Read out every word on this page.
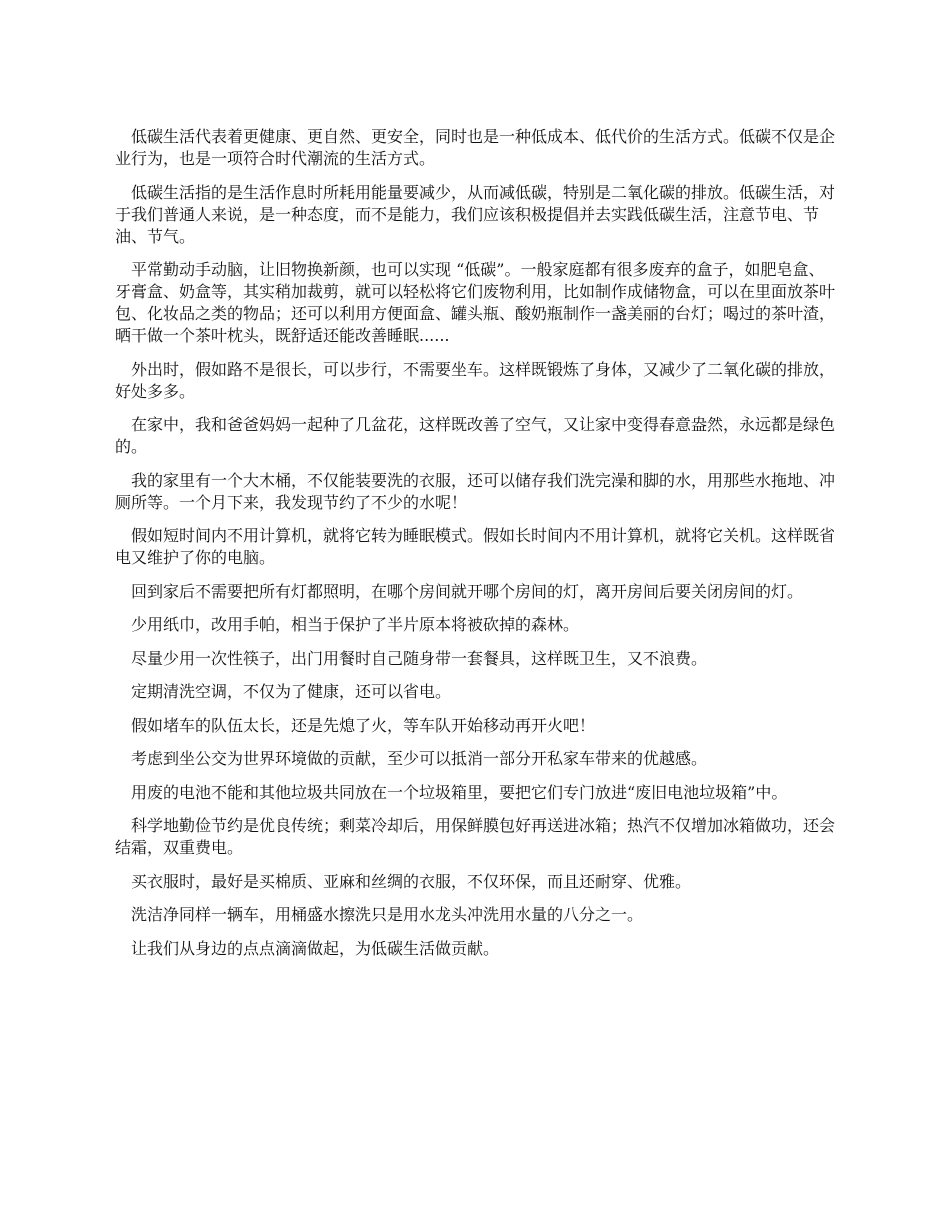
低碳生活代表着更健康、更自然、更安全，同时也是一种低成本、低代价的生活方式。低碳不仅是企业行为，也是一项符合时代潮流的生活方式。

低碳生活指的是生活作息时所耗用能量要减少，从而减低碳，特别是二氧化碳的排放。低碳生活，对于我们普通人来说，是一种态度，而不是能力，我们应该积极提倡并去实践低碳生活，注意节电、节油、节气。

平常勤动手动脑，让旧物换新颜，也可以实现 “低碳”。一般家庭都有很多废弃的盒子，如肥皂盒、牙膏盒、奶盒等，其实稍加裁剪，就可以轻松将它们废物利用，比如制作成储物盒，可以在里面放茶叶包、化妆品之类的物品；还可以利用方便面盒、罐头瓶、酸奶瓶制作一盏美丽的台灯；喝过的茶叶渣，晒干做一个茶叶枕头，既舒适还能改善睡眠......

外出时，假如路不是很长，可以步行，不需要坐车。这样既锻炼了身体，又减少了二氧化碳的排放，好处多多。

在家中，我和爸爸妈妈一起种了几盆花，这样既改善了空气，又让家中变得春意盎然，永远都是绿色的。

我的家里有一个大木桶，不仅能装要洗的衣服，还可以储存我们洗完澡和脚的水，用那些水拖地、冲厕所等。一个月下来，我发现节约了不少的水呢！

假如短时间内不用计算机，就将它转为睡眠模式。假如长时间内不用计算机，就将它关机。这样既省电又维护了你的电脑。

回到家后不需要把所有灯都照明，在哪个房间就开哪个房间的灯，离开房间后要关闭房间的灯。

少用纸巾，改用手帕，相当于保护了半片原本将被砍掉的森林。

尽量少用一次性筷子，出门用餐时自己随身带一套餐具，这样既卫生，又不浪费。

定期清洗空调，不仅为了健康，还可以省电。

假如堵车的队伍太长，还是先熄了火，等车队开始移动再开火吧！

考虑到坐公交为世界环境做的贡献，至少可以抵消一部分开私家车带来的优越感。

用废的电池不能和其他垃圾共同放在一个垃圾箱里，要把它们专门放进“废旧电池垃圾箱”中。

科学地勤俭节约是优良传统；剩菜冷却后，用保鲜膜包好再送进冰箱；热汽不仅增加冰箱做功，还会结霜，双重费电。

买衣服时，最好是买棉质、亚麻和丝绸的衣服，不仅环保，而且还耐穿、优雅。

洗洁净同样一辆车，用桶盛水擦洗只是用水龙头冲洗用水量的八分之一。

让我们从身边的点点滴滴做起，为低碳生活做贡献。
